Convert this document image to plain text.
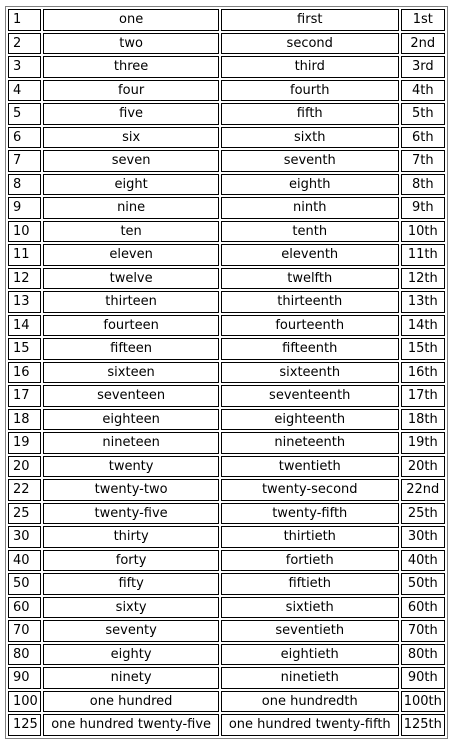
1	one	first	1st
2	two	second	2nd
3	three	third	3rd
4	four	fourth	4th
5	five	fifth	5th
6	six	sixth	6th
7	seven	seventh	7th
8	eight	eighth	8th
9	nine	ninth	9th
10	ten	tenth	10th
11	eleven	eleventh	11th
12	twelve	twelfth	12th
13	thirteen	thirteenth	13th
14	fourteen	fourteenth	14th
15	fifteen	fifteenth	15th
16	sixteen	sixteenth	16th
17	seventeen	seventeenth	17th
18	eighteen	eighteenth	18th
19	nineteen	nineteenth	19th
20	twenty	twentieth	20th
22	twenty-two	twenty-second	22nd
25	twenty-five	twenty-fifth	25th
30	thirty	thirtieth	30th
40	forty	fortieth	40th
50	fifty	fiftieth	50th
60	sixty	sixtieth	60th
70	seventy	seventieth	70th
80	eighty	eightieth	80th
90	ninety	ninetieth	90th
100	one hundred	one hundredth	100th
125	one hundred twenty-five	one hundred twenty-fifth	125th
